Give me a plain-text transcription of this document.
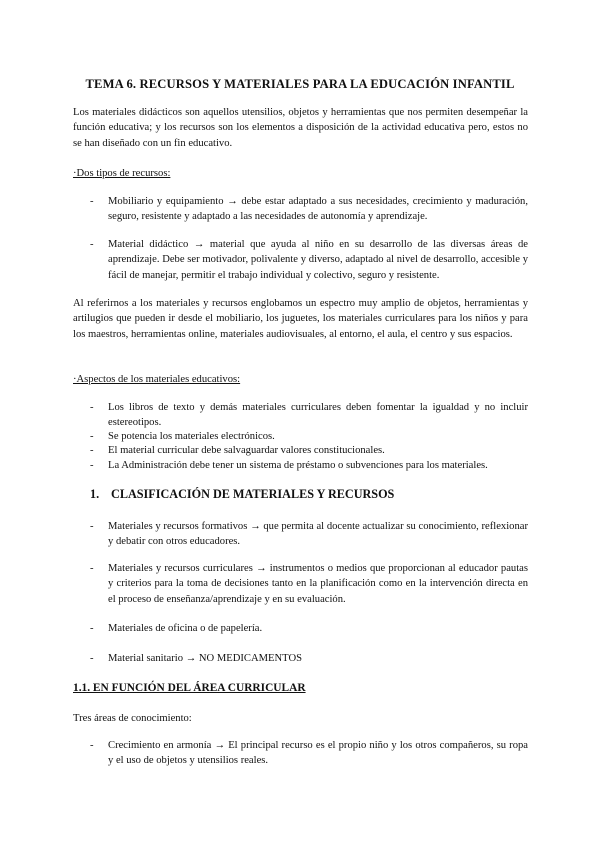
TEMA 6. RECURSOS Y MATERIALES PARA LA EDUCACIÓN INFANTIL

Los materiales didácticos son aquellos utensilios, objetos y herramientas que nos permiten desempeñar la función educativa; y los recursos son los elementos a disposición de la actividad educativa pero, estos no se han diseñado con un fin educativo.

·Dos tipos de recursos:

- Mobiliario y equipamiento → debe estar adaptado a sus necesidades, crecimiento y maduración, seguro, resistente y adaptado a las necesidades de autonomía y aprendizaje.
- Material didáctico → material que ayuda al niño en su desarrollo de las diversas áreas de aprendizaje. Debe ser motivador, polivalente y diverso, adaptado al nivel de desarrollo, accesible y fácil de manejar, permitir el trabajo individual y colectivo, seguro y resistente.

Al referirnos a los materiales y recursos englobamos un espectro muy amplio de objetos, herramientas y artilugios que pueden ir desde el mobiliario, los juguetes, los materiales curriculares para los niños y para los maestros, herramientas online, materiales audiovisuales, al entorno, el aula, el centro y sus espacios.

·Aspectos de los materiales educativos:

- Los libros de texto y demás materiales curriculares deben fomentar la igualdad y no incluir estereotipos.
- Se potencia los materiales electrónicos.
- El material curricular debe salvaguardar valores constitucionales.
- La Administración debe tener un sistema de préstamo o subvenciones para los materiales.
1. CLASIFICACIÓN DE MATERIALES Y RECURSOS
- Materiales y recursos formativos → que permita al docente actualizar su conocimiento, reflexionar y debatir con otros educadores.
- Materiales y recursos curriculares → instrumentos o medios que proporcionan al educador pautas y criterios para la toma de decisiones tanto en la planificación como en la intervención directa en el proceso de enseñanza/aprendizaje y en su evaluación.
- Materiales de oficina o de papelería.
- Material sanitario → NO MEDICAMENTOS
1.1. EN FUNCIÓN DEL ÁREA CURRICULAR

Tres áreas de conocimiento:

- Crecimiento en armonía → El principal recurso es el propio niño y los otros compañeros, su ropa y el uso de objetos y utensilios reales.
